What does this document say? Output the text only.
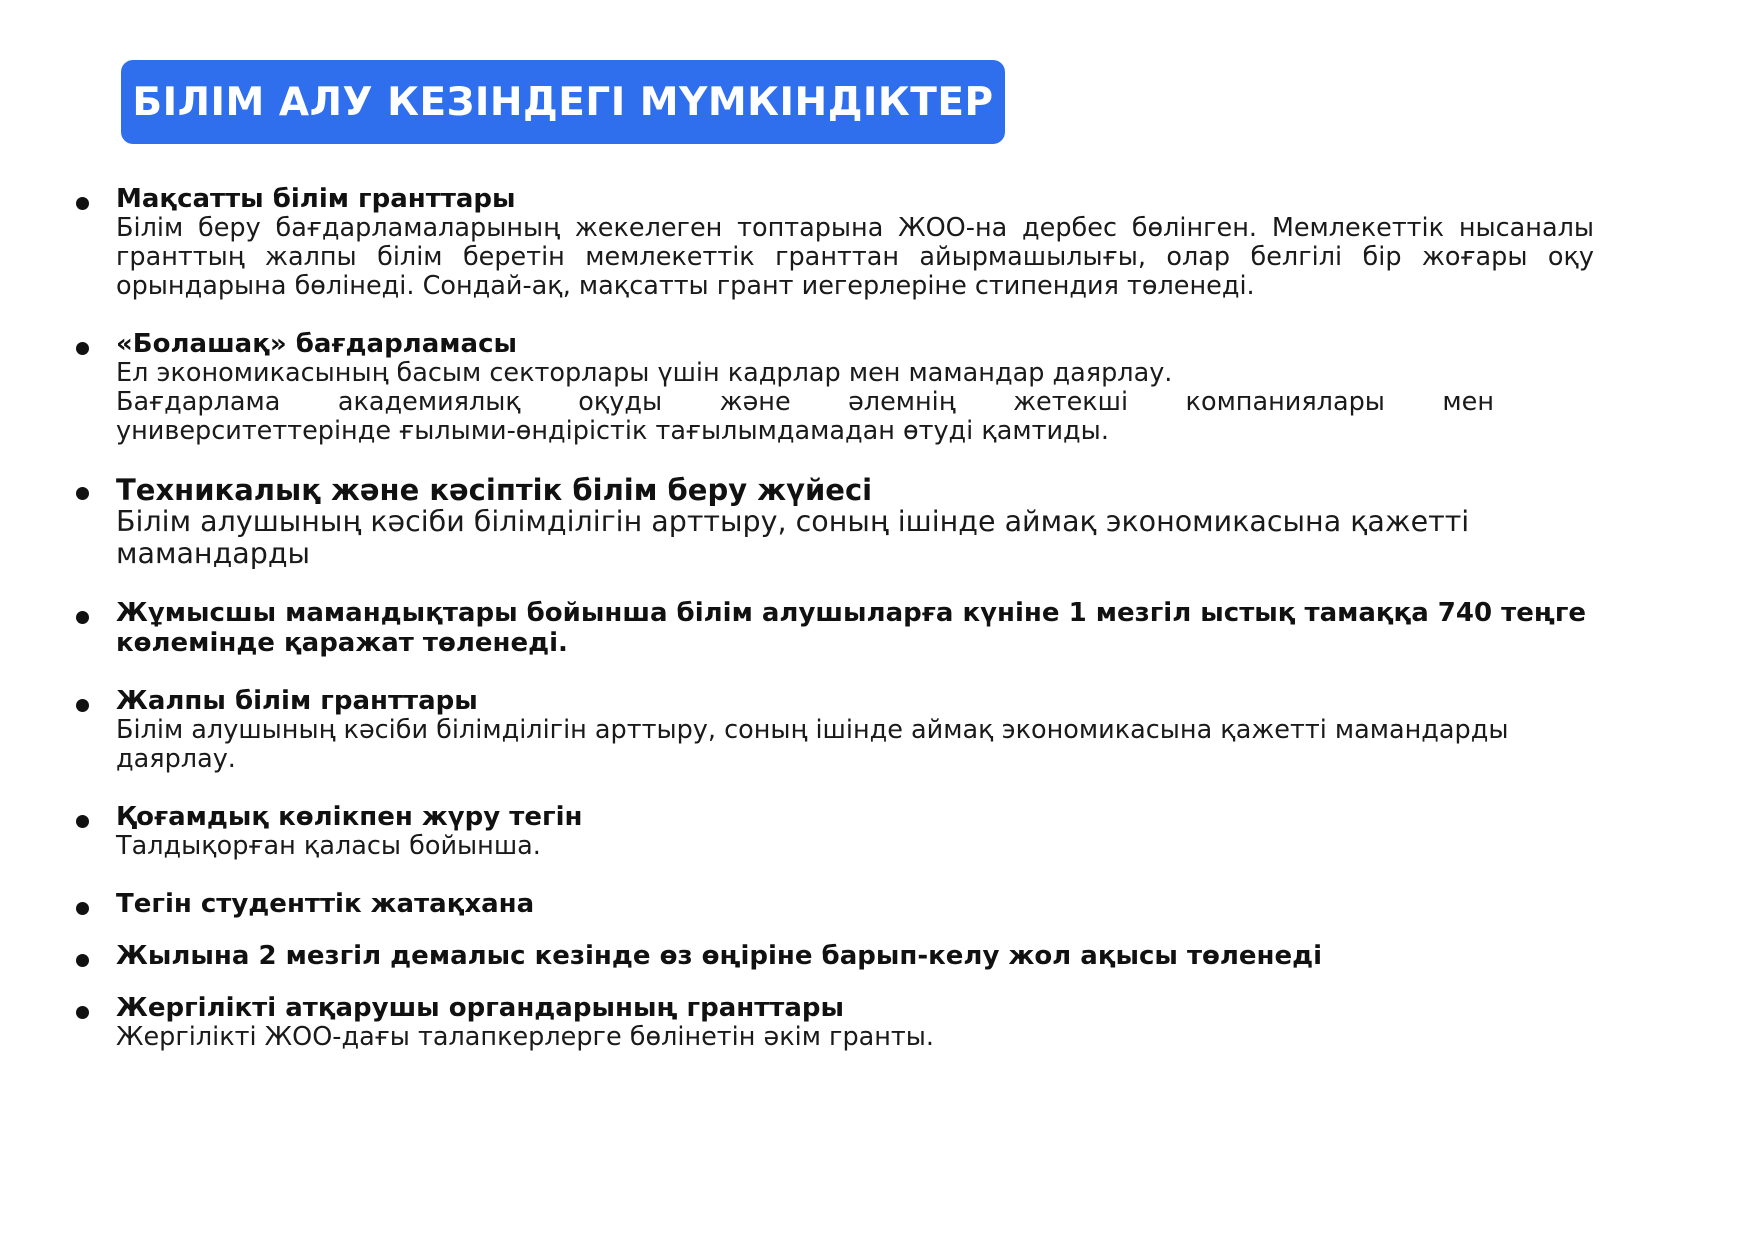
БІЛІМ АЛУ КЕЗІНДЕГІ МҮМКІНДІКТЕР
Мақсатты білім гранттары
Білім беру бағдарламаларының жекелеген топтарына ЖОО-на дербес бөлінген. Мемлекеттік нысаналы гранттың жалпы білім беретін мемлекеттік гранттан айырмашылығы, олар белгілі бір жоғары оқу орындарына бөлінеді. Сондай-ақ, мақсатты грант иегерлеріне стипендия төленеді.
«Болашақ» бағдарламасы
Ел экономикасының басым секторлары үшін кадрлар мен мамандар даярлау.
Бағдарлама академиялық оқуды және әлемнің жетекші компаниялары мен
университеттерінде ғылыми-өндірістік тағылымдамадан өтуді қамтиды.
Техникалық және кәсіптік білім беру жүйесі
Білім алушының кәсіби білімділігін арттыру, соның ішінде аймақ экономикасына қажетті мамандарды
Жұмысшы мамандықтары бойынша білім алушыларға күніне 1 мезгіл ыстық тамаққа 740 теңге
көлемінде қаражат төленеді.
Жалпы білім гранттары
Білім алушының кәсіби білімділігін арттыру, соның ішінде аймақ экономикасына қажетті мамандарды даярлау.
Қоғамдық көлікпен жүру тегін
Талдықорған қаласы бойынша.
Тегін студенттік жатақхана
Жылына 2 мезгіл демалыс кезінде өз өңіріне барып-келу жол ақысы төленеді
Жергілікті атқарушы органдарының гранттары
Жергілікті ЖОО-дағы талапкерлерге бөлінетін әкім гранты.
